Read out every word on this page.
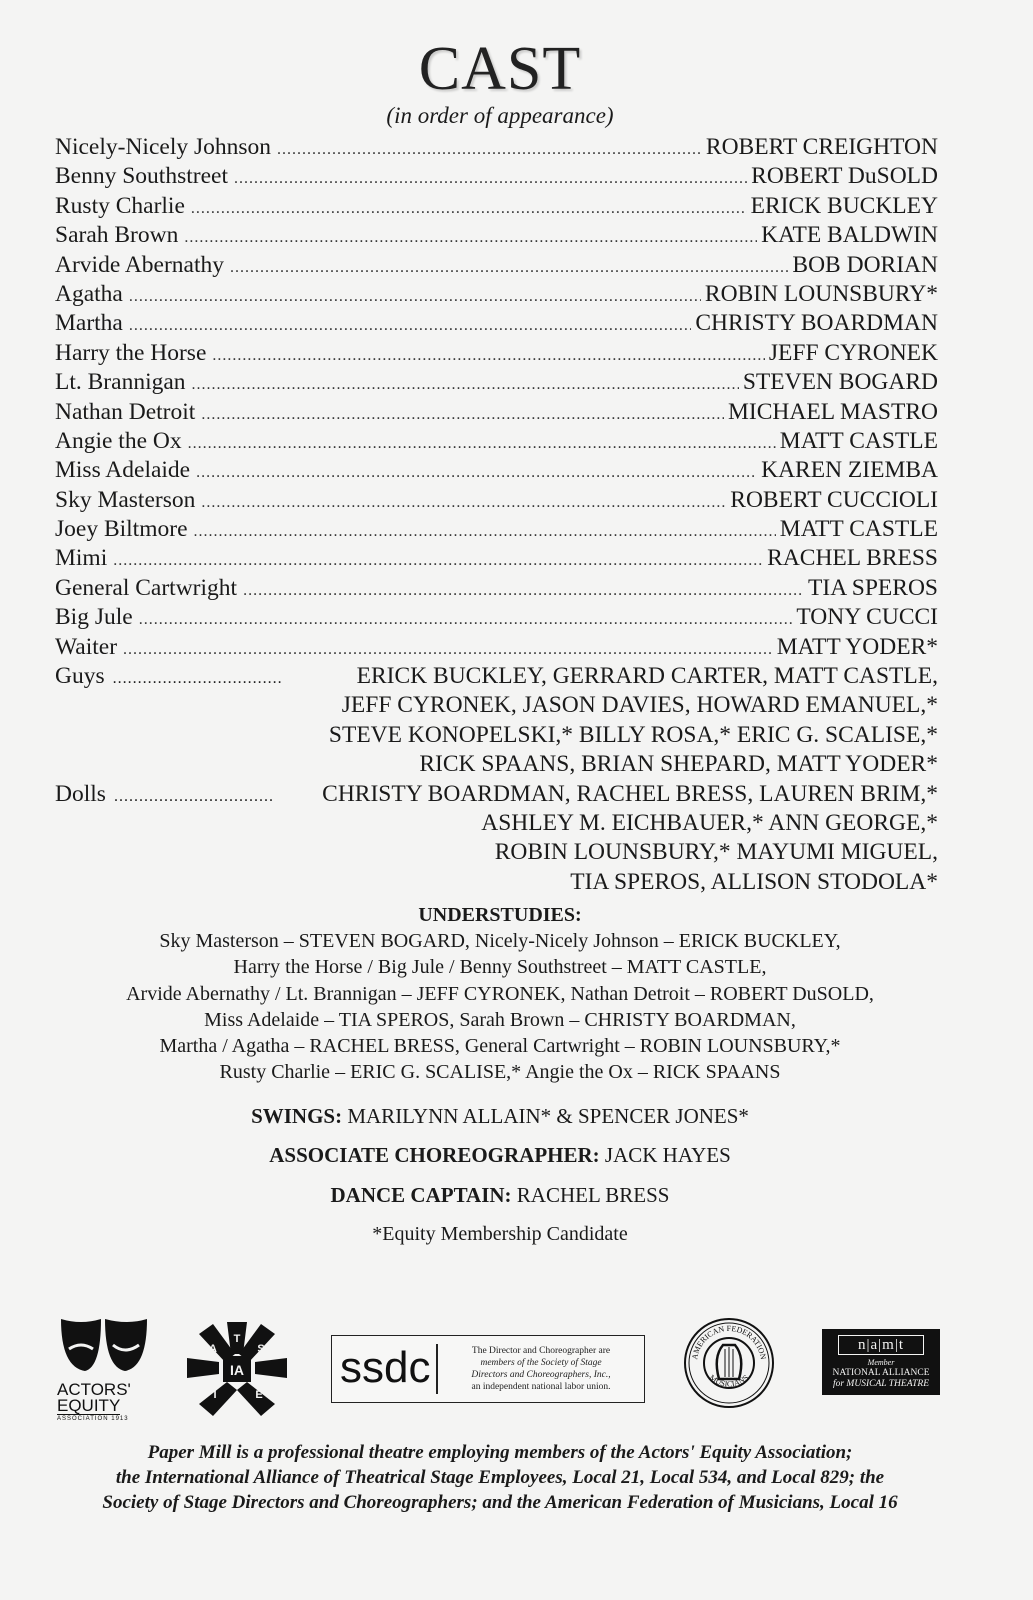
CAST
(in order of appearance)
Nicely-Nicely Johnson .....	ROBERT CREIGHTON
Benny Southstreet .....	ROBERT DuSOLD
Rusty Charlie .....	ERICK BUCKLEY
Sarah Brown .....	KATE BALDWIN
Arvide Abernathy .....	BOB DORIAN
Agatha .....	ROBIN LOUNSBURY*
Martha .....	CHRISTY BOARDMAN
Harry the Horse .....	JEFF CYRONEK
Lt. Brannigan .....	STEVEN BOGARD
Nathan Detroit .....	MICHAEL MASTRO
Angie the Ox .....	MATT CASTLE
Miss Adelaide .....	KAREN ZIEMBA
Sky Masterson .....	ROBERT CUCCIOLI
Joey Biltmore .....	MATT CASTLE
Mimi .....	RACHEL BRESS
General Cartwright .....	TIA SPEROS
Big Jule .....	TONY CUCCI
Waiter .....	MATT YODER*
Guys .....	ERICK BUCKLEY, GERRARD CARTER, MATT CASTLE,
JEFF CYRONEK, JASON DAVIES, HOWARD EMANUEL,*
STEVE KONOPELSKI,* BILLY ROSA,* ERIC G. SCALISE,*
RICK SPAANS, BRIAN SHEPARD, MATT YODER*
Dolls .....	CHRISTY BOARDMAN, RACHEL BRESS, LAUREN BRIM,*
ASHLEY M. EICHBAUER,* ANN GEORGE,*
ROBIN LOUNSBURY,* MAYUMI MIGUEL,
TIA SPEROS, ALLISON STODOLA*
UNDERSTUDIES:
Sky Masterson – STEVEN BOGARD, Nicely-Nicely Johnson – ERICK BUCKLEY,
Harry the Horse / Big Jule / Benny Southstreet – MATT CASTLE,
Arvide Abernathy / Lt. Brannigan – JEFF CYRONEK, Nathan Detroit – ROBERT DuSOLD,
Miss Adelaide – TIA SPEROS, Sarah Brown – CHRISTY BOARDMAN,
Martha / Agatha – RACHEL BRESS, General Cartwright – ROBIN LOUNSBURY,*
Rusty Charlie – ERIC G. SCALISE,* Angie the Ox – RICK SPAANS
SWINGS: MARILYNN ALLAIN* & SPENCER JONES*
ASSOCIATE CHOREOGRAPHER: JACK HAYES
DANCE CAPTAIN: RACHEL BRESS
*Equity Membership Candidate
ACTORS'
EQUITY
ASSOCIATION 1913
IA
T
A	S
I	E
ssdc	The Director and Choreographer are
members of the Society of Stage
Directors and Choreographers, Inc.,
an independent national labor union.
AMERICAN FEDERATION
MUSICIANS
n|a|m|t
Member
NATIONAL ALLIANCE
for MUSICAL THEATRE
Paper Mill is a professional theatre employing members of the Actors' Equity Association;
the International Alliance of Theatrical Stage Employees, Local 21, Local 534, and Local 829; the
Society of Stage Directors and Choreographers; and the American Federation of Musicians, Local 16
